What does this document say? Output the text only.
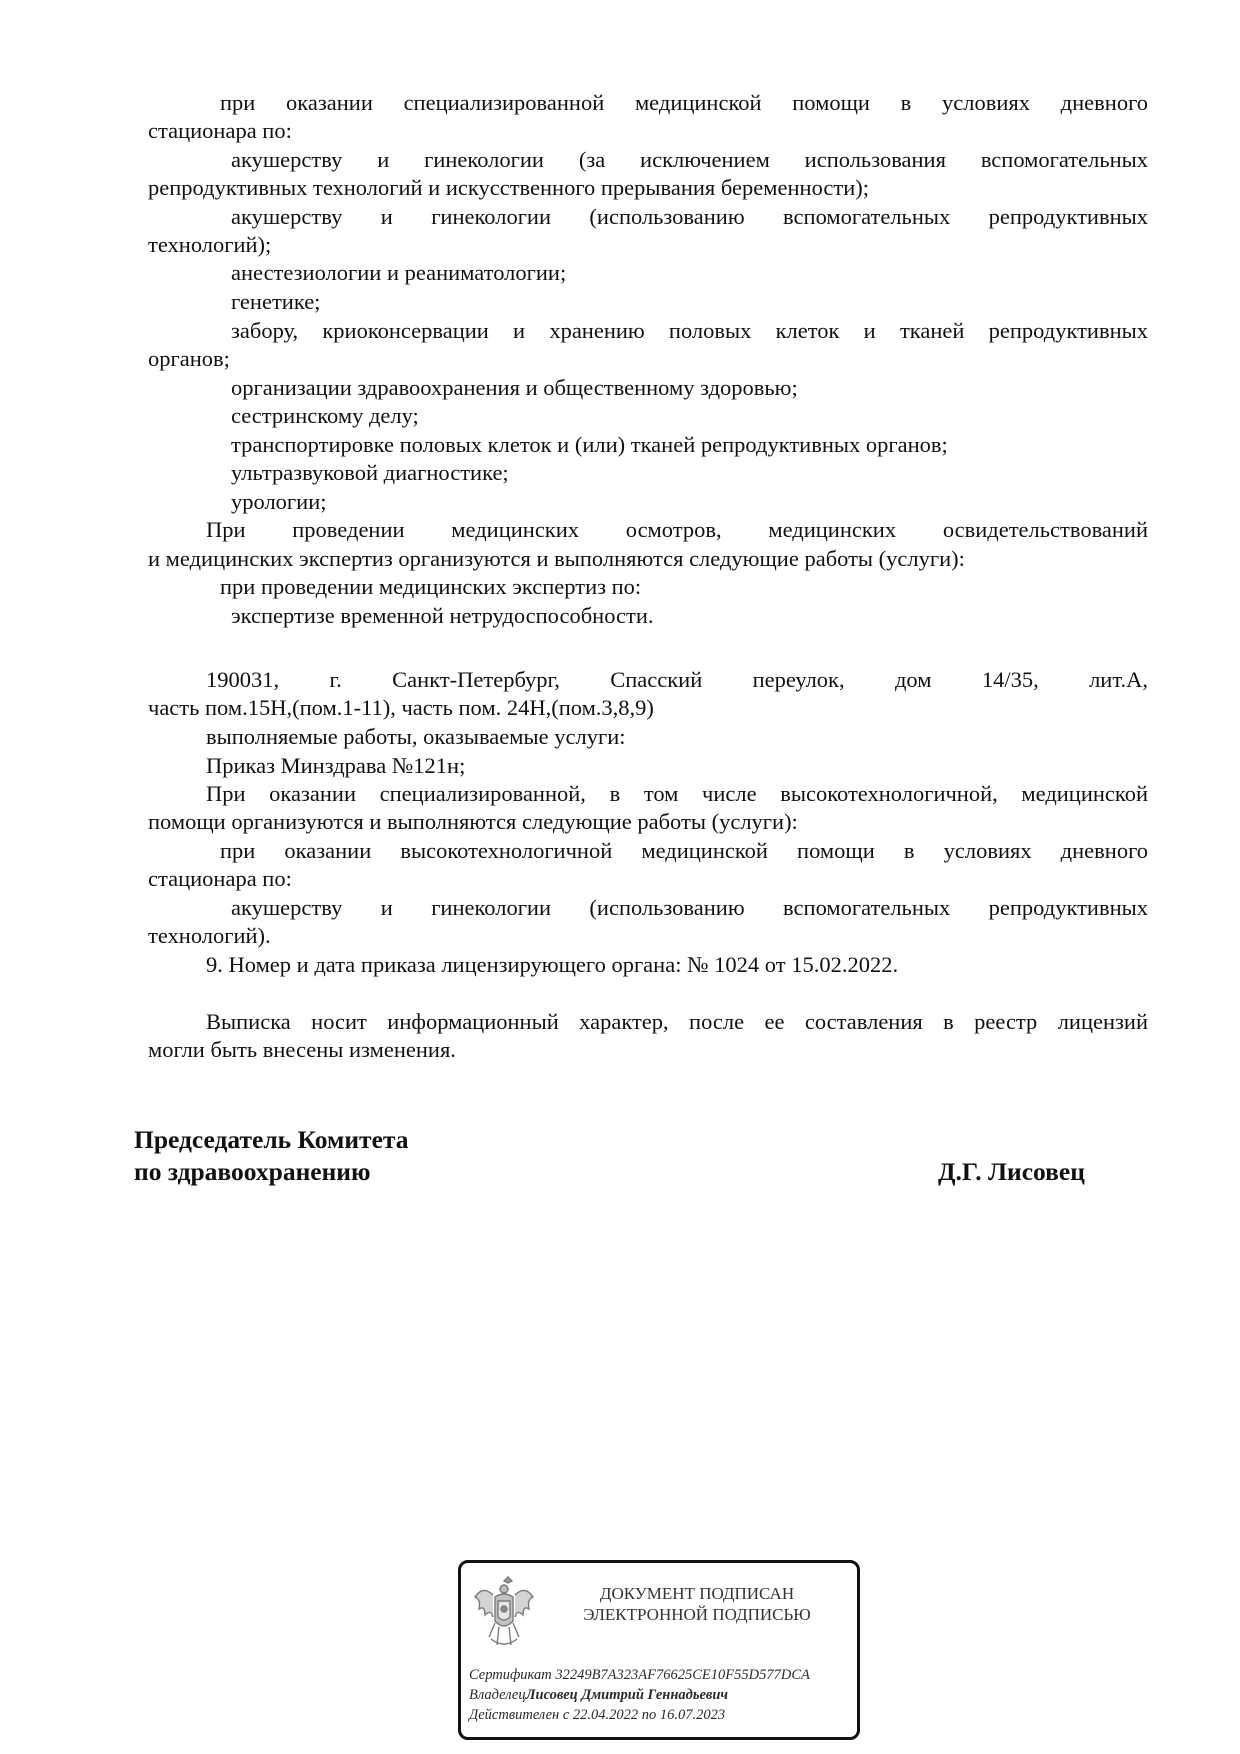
при оказании специализированной медицинской помощи в условиях дневного
стационара по:
акушерству и гинекологии (за исключением использования вспомогательных
репродуктивных технологий и искусственного прерывания беременности);
акушерству и гинекологии (использованию вспомогательных репродуктивных
технологий);
анестезиологии и реаниматологии;
генетике;
забору, криоконсервации и хранению половых клеток и тканей репродуктивных
органов;
организации здравоохранения и общественному здоровью;
сестринскому делу;
транспортировке половых клеток и (или) тканей репродуктивных органов;
ультразвуковой диагностике;
урологии;
При проведении медицинских осмотров, медицинских освидетельствований
и медицинских экспертиз организуются и выполняются следующие работы (услуги):
при проведении медицинских экспертиз по:
экспертизе временной нетрудоспособности.
190031, г. Санкт-Петербург, Спасский переулок, дом 14/35, лит.А,
часть пом.15Н,(пом.1-11), часть пом. 24Н,(пом.3,8,9)
выполняемые работы, оказываемые услуги:
Приказ Минздрава №121н;
При оказании специализированной, в том числе высокотехнологичной, медицинской
помощи организуются и выполняются следующие работы (услуги):
при оказании высокотехнологичной медицинской помощи в условиях дневного
стационара по:
акушерству и гинекологии (использованию вспомогательных репродуктивных
технологий).
9. Номер и дата приказа лицензирующего органа: № 1024 от 15.02.2022.
Выписка носит информационный характер, после ее составления в реестр лицензий
могли быть внесены изменения.
Председатель Комитета
по здравоохранению	Д.Г. Лисовец
ДОКУМЕНТ ПОДПИСАН
ЭЛЕКТРОННОЙ ПОДПИСЬЮ
Сертификат 32249B7A323AF76625CE10F55D577DCA
ВладелецЛисовец Дмитрий Геннадьевич
Действителен с 22.04.2022 по 16.07.2023
